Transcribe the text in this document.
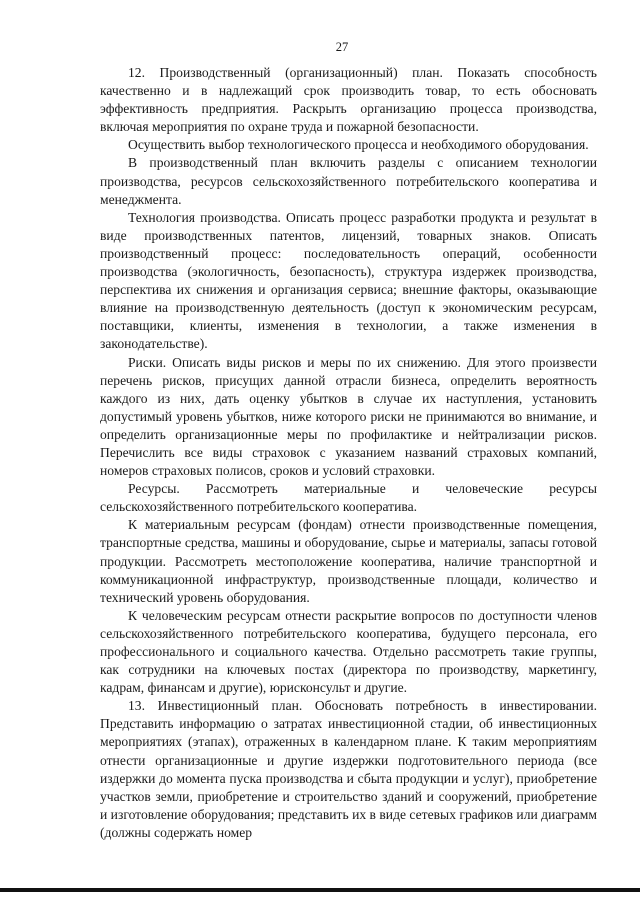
27

12. Производственный (организационный) план. Показать способность качественно и в надлежащий срок производить товар, то есть обосновать эффективность предприятия. Раскрыть организацию процесса производства, включая мероприятия по охране труда и пожарной безопасности.

Осуществить выбор технологического процесса и необходимого оборудования.

В производственный план включить разделы с описанием технологии производства, ресурсов сельскохозяйственного потребительского кооператива и менеджмента.

Технология производства. Описать процесс разработки продукта и результат в виде производственных патентов, лицензий, товарных знаков. Описать производственный процесс: последовательность операций, особенности производства (экологичность, безопасность), структура издержек производства, перспектива их снижения и организация сервиса; внешние факторы, оказывающие влияние на производственную деятельность (доступ к экономическим ресурсам, поставщики, клиенты, изменения в технологии, а также изменения в законодательстве).

Риски. Описать виды рисков и меры по их снижению. Для этого произвести перечень рисков, присущих данной отрасли бизнеса, определить вероятность каждого из них, дать оценку убытков в случае их наступления, установить допустимый уровень убытков, ниже которого риски не принимаются во внимание, и определить организационные меры по профилактике и нейтрализации рисков. Перечислить все виды страховок с указанием названий страховых компаний, номеров страховых полисов, сроков и условий страховки.

Ресурсы. Рассмотреть материальные и человеческие ресурсы сельскохозяйственного потребительского кооператива.

К материальным ресурсам (фондам) отнести производственные помещения, транспортные средства, машины и оборудование, сырье и материалы, запасы готовой продукции. Рассмотреть местоположение кооператива, наличие транспортной и коммуникационной инфраструктур, производственные площади, количество и технический уровень оборудования.

К человеческим ресурсам отнести раскрытие вопросов по доступности членов сельскохозяйственного потребительского кооператива, будущего персонала, его профессионального и социального качества. Отдельно рассмотреть такие группы, как сотрудники на ключевых постах (директора по производству, маркетингу, кадрам, финансам и другие), юрисконсульт и другие.

13. Инвестиционный план. Обосновать потребность в инвестировании. Представить информацию о затратах инвестиционной стадии, об инвестиционных мероприятиях (этапах), отраженных в календарном плане. К таким мероприятиям отнести организационные и другие издержки подготовительного периода (все издержки до момента пуска производства и сбыта продукции и услуг), приобретение участков земли, приобретение и строительство зданий и сооружений, приобретение и изготовление оборудования; представить их в виде сетевых графиков или диаграмм (должны содержать номер
